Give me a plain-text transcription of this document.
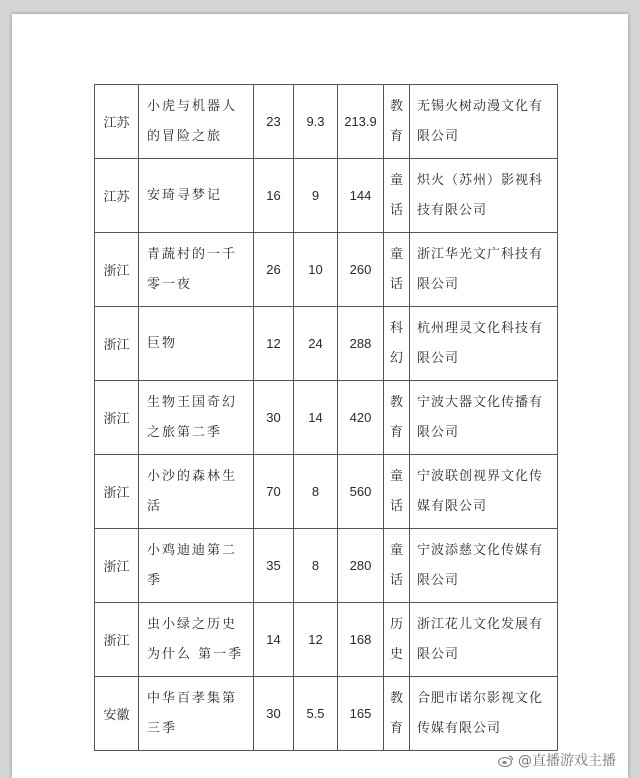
江苏	小虎与机器人的冒险之旅	23	9.3	213.9	教育	无锡火树动漫文化有限公司
江苏	安琦寻梦记	16	9	144	童话	炽火（苏州）影视科技有限公司
浙江	青蔬村的一千零一夜	26	10	260	童话	浙江华光文广科技有限公司
浙江	巨物	12	24	288	科幻	杭州理灵文化科技有限公司
浙江	生物王国奇幻之旅第二季	30	14	420	教育	宁波大器文化传播有限公司
浙江	小沙的森林生活	70	8	560	童话	宁波联创视界文化传媒有限公司
浙江	小鸡迪迪第二季	35	8	280	童话	宁波添慈文化传媒有限公司
浙江	虫小绿之历史为什么 第一季	14	12	168	历史	浙江花儿文化发展有限公司
安徽	中华百孝集第三季	30	5.5	165	教育	合肥市诺尔影视文化传媒有限公司
@直播游戏主播
